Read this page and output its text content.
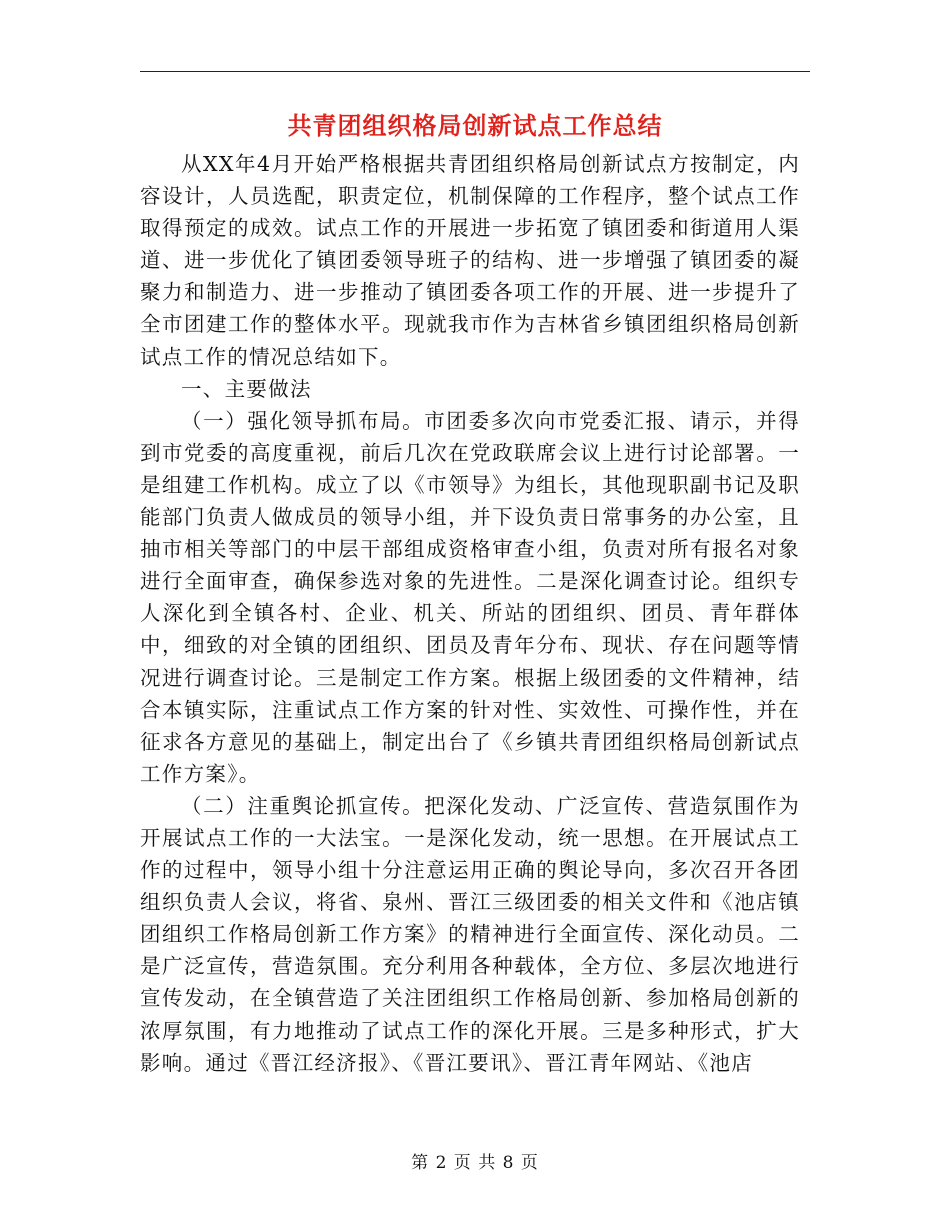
共青团组织格局创新试点工作总结

从XX年4月开始严格根据共青团组织格局创新试点方按制定，内容设计，人员选配，职责定位，机制保障的工作程序，整个试点工作取得预定的成效。试点工作的开展进一步拓宽了镇团委和街道用人渠道、进一步优化了镇团委领导班子的结构、进一步增强了镇团委的凝聚力和制造力、进一步推动了镇团委各项工作的开展、进一步提升了全市团建工作的整体水平。现就我市作为吉林省乡镇团组织格局创新试点工作的情况总结如下。

一、主要做法

（一）强化领导抓布局。市团委多次向市党委汇报、请示，并得到市党委的高度重视，前后几次在党政联席会议上进行讨论部署。一是组建工作机构。成立了以《市领导》为组长，其他现职副书记及职能部门负责人做成员的领导小组，并下设负责日常事务的办公室，且抽市相关等部门的中层干部组成资格审查小组，负责对所有报名对象进行全面审查，确保参选对象的先进性。二是深化调查讨论。组织专人深化到全镇各村、企业、机关、所站的团组织、团员、青年群体中，细致的对全镇的团组织、团员及青年分布、现状、存在问题等情况进行调查讨论。三是制定工作方案。根据上级团委的文件精神，结合本镇实际，注重试点工作方案的针对性、实效性、可操作性，并在征求各方意见的基础上，制定出台了《乡镇共青团组织格局创新试点工作方案》。

（二）注重舆论抓宣传。把深化发动、广泛宣传、营造氛围作为开展试点工作的一大法宝。一是深化发动，统一思想。在开展试点工作的过程中，领导小组十分注意运用正确的舆论导向，多次召开各团组织负责人会议，将省、泉州、晋江三级团委的相关文件和《池店镇团组织工作格局创新工作方案》的精神进行全面宣传、深化动员。二是广泛宣传，营造氛围。充分利用各种载体，全方位、多层次地进行宣传发动，在全镇营造了关注团组织工作格局创新、参加格局创新的浓厚氛围，有力地推动了试点工作的深化开展。三是多种形式，扩大影响。通过《晋江经济报》、《晋江要讯》、晋江青年网站、《池店

第 2 页 共 8 页
